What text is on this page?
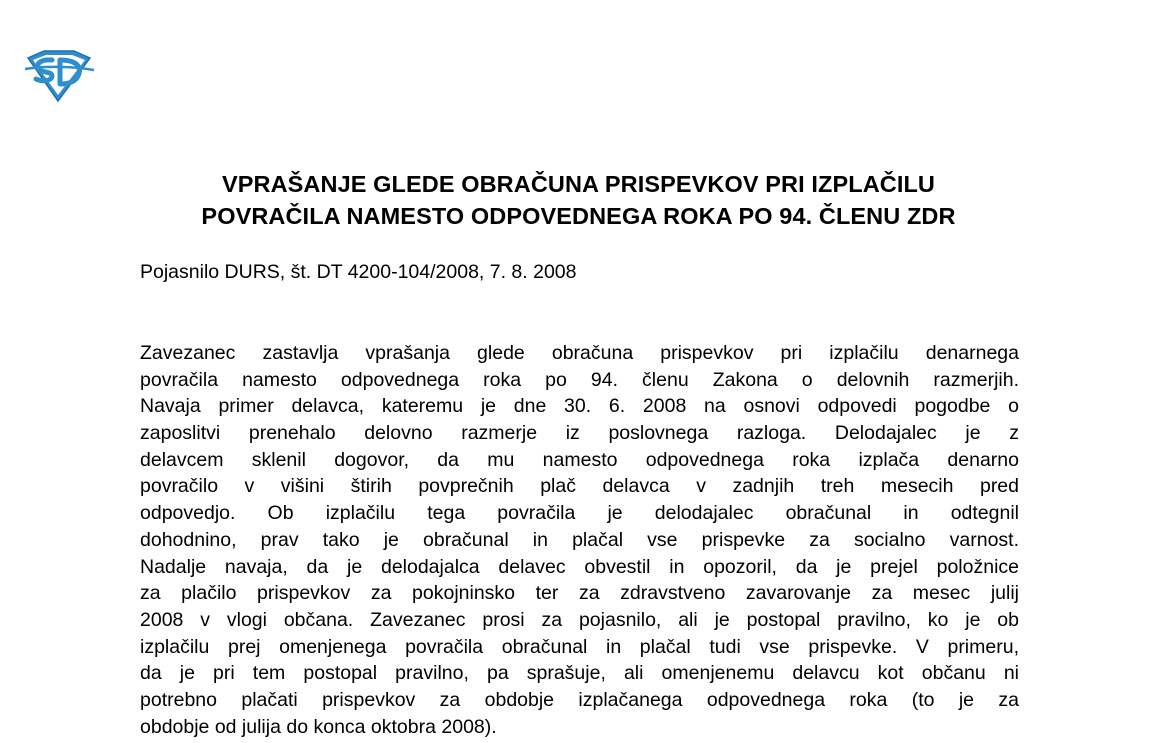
VPRAŠANJE GLEDE OBRAČUNA PRISPEVKOV PRI IZPLAČILU
POVRAČILA NAMESTO ODPOVEDNEGA ROKA PO 94. ČLENU ZDR
Pojasnilo DURS, št. DT 4200-104/2008, 7. 8. 2008
Zavezanec zastavlja vprašanja glede obračuna prispevkov pri izplačilu denarnega
povračila namesto odpovednega roka po 94. členu Zakona o delovnih razmerjih.
Navaja primer delavca, kateremu je dne 30. 6. 2008 na osnovi odpovedi pogodbe o
zaposlitvi prenehalo delovno razmerje iz poslovnega razloga. Delodajalec je z
delavcem sklenil dogovor, da mu namesto odpovednega roka izplača denarno
povračilo v višini štirih povprečnih plač delavca v zadnjih treh mesecih pred
odpovedjo. Ob izplačilu tega povračila je delodajalec obračunal in odtegnil
dohodnino, prav tako je obračunal in plačal vse prispevke za socialno varnost.
Nadalje navaja, da je delodajalca delavec obvestil in opozoril, da je prejel položnice
za plačilo prispevkov za pokojninsko ter za zdravstveno zavarovanje za mesec julij
2008 v vlogi občana. Zavezanec prosi za pojasnilo, ali je postopal pravilno, ko je ob
izplačilu prej omenjenega povračila obračunal in plačal tudi vse prispevke. V primeru,
da je pri tem postopal pravilno, pa sprašuje, ali omenjenemu delavcu kot občanu ni
potrebno plačati prispevkov za obdobje izplačanega odpovednega roka (to je za
obdobje od julija do konca oktobra 2008).
